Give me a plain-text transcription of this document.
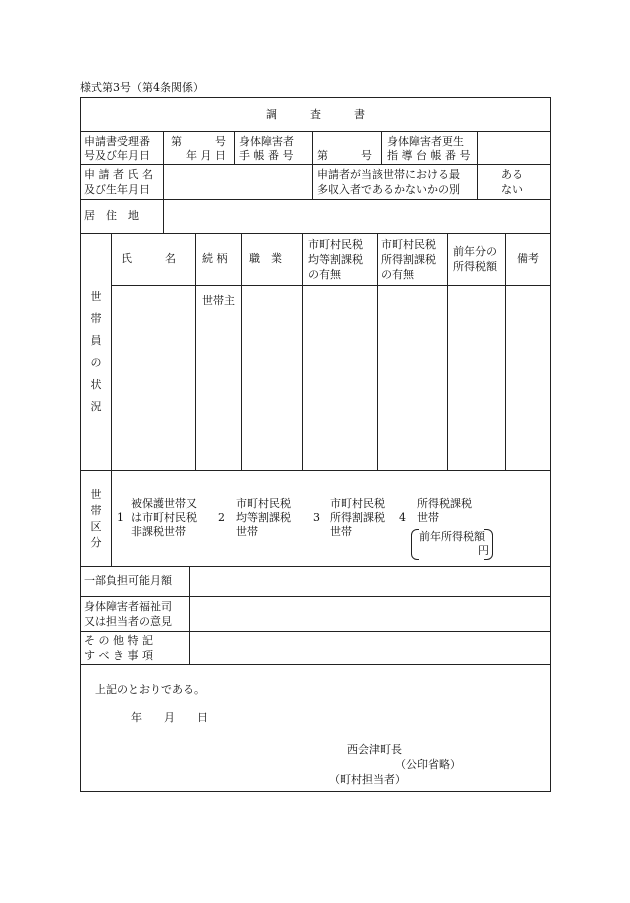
様式第3号（第4条関係）
調　　　査　　　書
申請書受理番
号及び年月日
第　　　号
年 月 日
身体障害者
手 帳 番 号 第　　　号
身体障害者更生
指 導 台 帳 番 号
申 請 者 氏 名
及び生年月日
申請者が当該世帯における最
多収入者であるかないかの別
ある
ない
居　住　地
世
帯
員
の
状
況
氏　　　名 続 柄 職　業
市町村民税
均等割課税
の有無
市町村民税
所得割課税
の有無
前年分の
所得税額
備考
世帯主
世
帯
区
分
1
被保護世帯又
は市町村民税
非課税世帯
2
市町村民税
均等割課税
世帯
3
市町村民税
所得割課税
世帯
4
所得税課税
世帯
前年所得税額
円
一部負担可能月額
身体障害者福祉司
又は担当者の意見
そ の 他 特 記
す べ き 事 項
上記のとおりである。
年　　月　　日
西会津町長
（公印省略）
（町村担当者）
